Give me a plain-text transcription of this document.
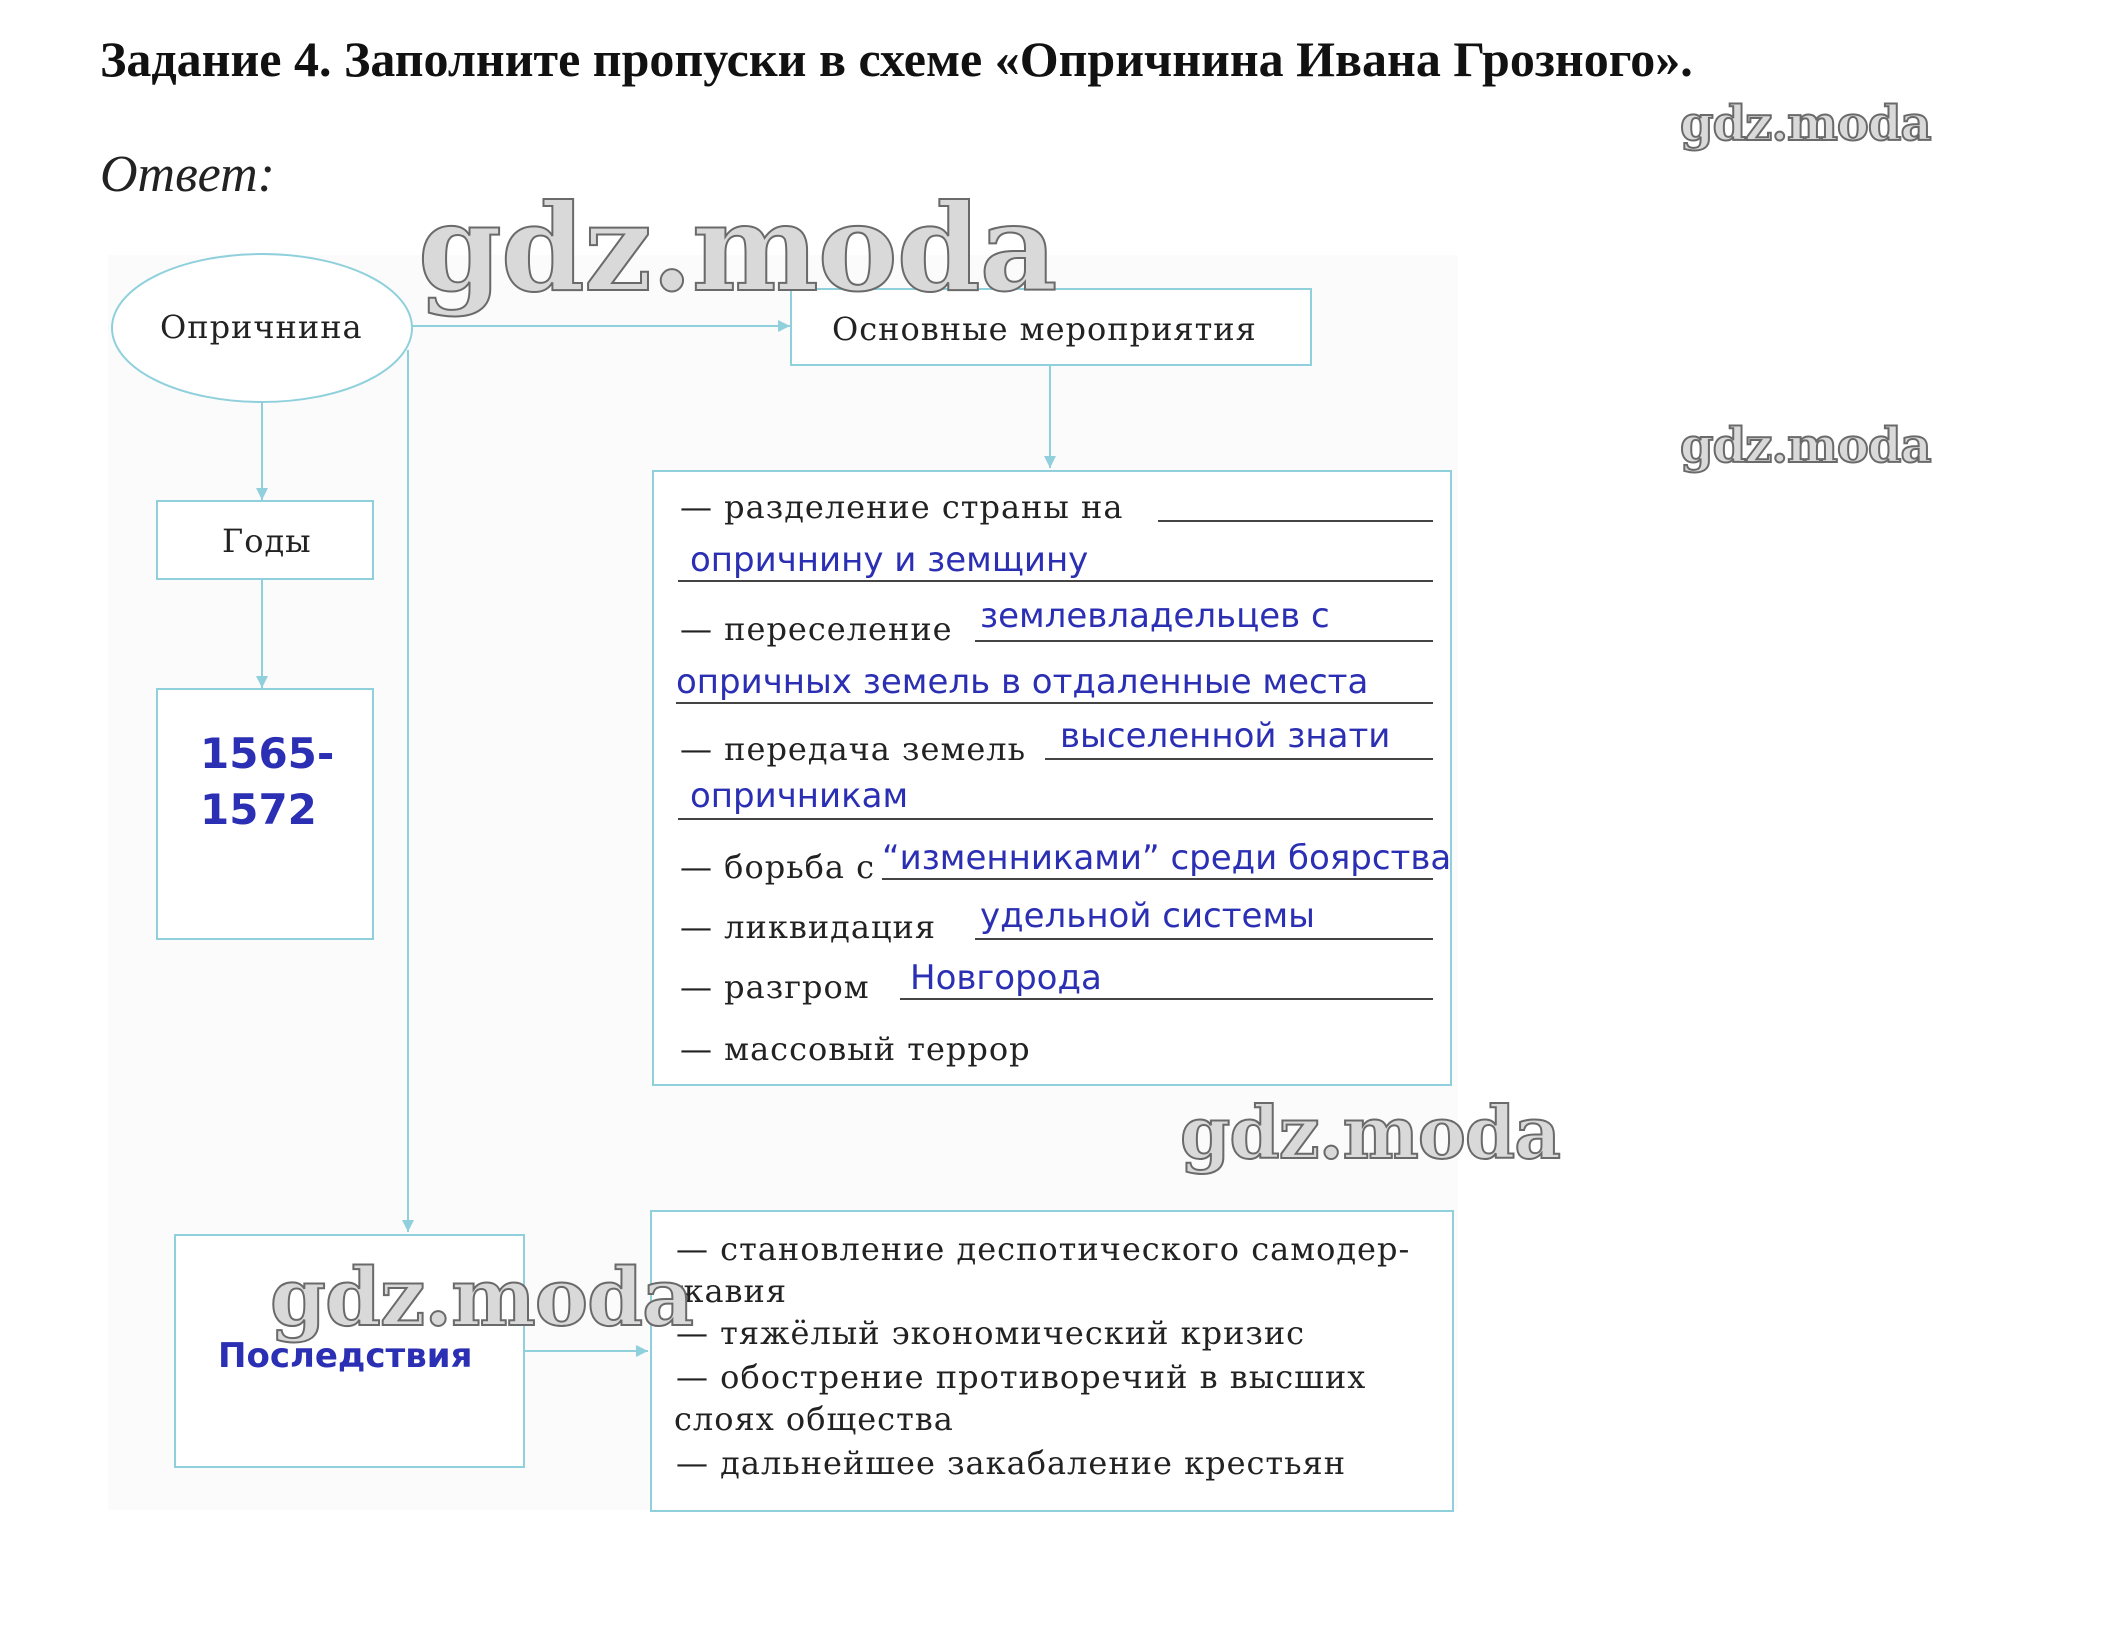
Задание 4. Заполните пропуски в схеме «Опричнина Ивана Грозного».
Ответ:
Опричнина	Основные мероприятия
Годы
1565-
1572
— разделение страны на
опричнину и земщину
— переселение землевладельцев с
опричных земель в отдаленные места
— передача земель выселенной знати
опричникам
— борьба с “изменниками” среди боярства
— ликвидация удельной системы
— разгром Новгорода
— массовый террор
Последствия
— становление деспотического самодер-
жавия
— тяжёлый экономический кризис
— обострение противоречий в высших
слоях общества
— дальнейшее закабаление крестьян
gdz.moda
gdz.moda
gdz.moda
gdz.moda
gdz.moda
